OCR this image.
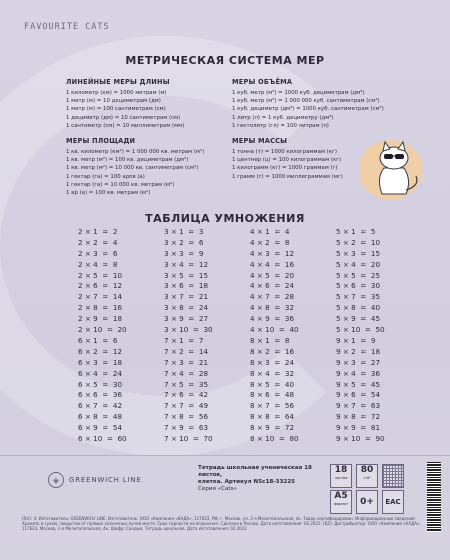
FAVOURITE CATS
МЕТРИЧЕСКАЯ СИСТЕМА МЕР
ЛИНЕЙНЫЕ МЕРЫ ДЛИНЫ
1 километр (км) = 1000 метрам (м)
1 метр (м) = 10 дециметрам (дм)
1 метр (м) = 100 сантиметрам (см)
1 дециметр (дм) = 10 сантиметрам (см)
1 сантиметр (см) = 10 миллиметрам (мм)
МЕРЫ ОБЪЁМА
1 куб. метр (м³) = 1000 куб. дециметрам (дм³)
1 куб. метр (м³) = 1 000 000 куб. сантиметрам (см³)
1 куб. дециметр (дм³) = 1000 куб. сантиметрам (см³)
1 литр (л) = 1 куб. дециметру (дм³)
1 гектолитр (гл) = 100 литрам (л)
МЕРЫ ПЛОЩАДИ
1 кв. километр (км²) = 1 000 000 кв. метрам (м²)
1 кв. метр (м²) = 100 кв. дециметрам (дм²)
1 кв. метр (м²) = 10 000 кв. сантиметрам (см²)
1 гектар (га) = 100 аров (а)
1 гектар (га) = 10 000 кв. метрам (м²)
1 ар (а) = 100 кв. метрам (м²)
МЕРЫ МАССЫ
1 тонна (т) = 1000 килограммам (кг)
1 центнер (ц) = 100 килограммам (кг)
1 килограмм (кг) = 1000 граммам (г)
1 грамм (г) = 1000 миллиграммам (мг)
ТАБЛИЦА УМНОЖЕНИЯ
2 × 1  =  2
2 × 2  =  4
2 × 3  =  6
2 × 4  =  8
2 × 5  =  10
2 × 6  =  12
2 × 7  =  14
2 × 8  =  16
2 × 9  =  18
2 × 10  =  20
3 × 1  =  3
3 × 2  =  6
3 × 3  =  9
3 × 4  =  12
3 × 5  =  15
3 × 6  =  18
3 × 7  =  21
3 × 8  =  24
3 × 9  =  27
3 × 10  =  30
4 × 1  =  4
4 × 2  =  8
4 × 3  =  12
4 × 4  =  16
4 × 5  =  20
4 × 6  =  24
4 × 7  =  28
4 × 8  =  32
4 × 9  =  36
4 × 10  =  40
5 × 1  =  5
5 × 2  =  10
5 × 3  =  15
5 × 4  =  20
5 × 5  =  25
5 × 6  =  30
5 × 7  =  35
5 × 8  =  40
5 × 9  =  45
5 × 10  =  50
6 × 1  =  6
6 × 2  =  12
6 × 3  =  18
6 × 4  =  24
6 × 5  =  30
6 × 6  =  36
6 × 7  =  42
6 × 8  =  48
6 × 9  =  54
6 × 10  =  60
7 × 1  =  7
7 × 2  =  14
7 × 3  =  21
7 × 4  =  28
7 × 5  =  35
7 × 6  =  42
7 × 7  =  49
7 × 8  =  56
7 × 9  =  63
7 × 10  =  70
8 × 1  =  8
8 × 2  =  16
8 × 3  =  24
8 × 4  =  32
8 × 5  =  40
8 × 6  =  48
8 × 7  =  56
8 × 8  =  64
8 × 9  =  72
8 × 10  =  80
9 × 1  =  9
9 × 2  =  18
9 × 3  =  27
9 × 4  =  36
9 × 5  =  45
9 × 6  =  54
9 × 7  =  63
9 × 8  =  72
9 × 9  =  81
9 × 10  =  90
◈	GREENWICH LINE
Тетрадь школьная ученическая 18 листов,
клетка. Артикул N5c18-33225
Серия «Cats»
18
листов
80
г/м²
A5
формат	0+	EAC
(RU): © Изготовитель: GREENWICH LINE. Изготовитель: ООО «Компания «КАДА», 117623, РФ, г. Москва, ул. 2-я Мелитопольская, 4к. Товар сертифицирован. Информационные сведения: Хранить в сухом, закрытом от прямых солнечных лучей месте. Срок годности не ограничен. Сделано в России. Дата изготовления: 02.2022. (KZ): Дистрибьютор: ООО «Компания «КАДА», 117623, Москва, 2-я Мелитопольская, 4к. Шифр: Сандық. Тетрадь школьная. Дата изготовления: 02.2022
